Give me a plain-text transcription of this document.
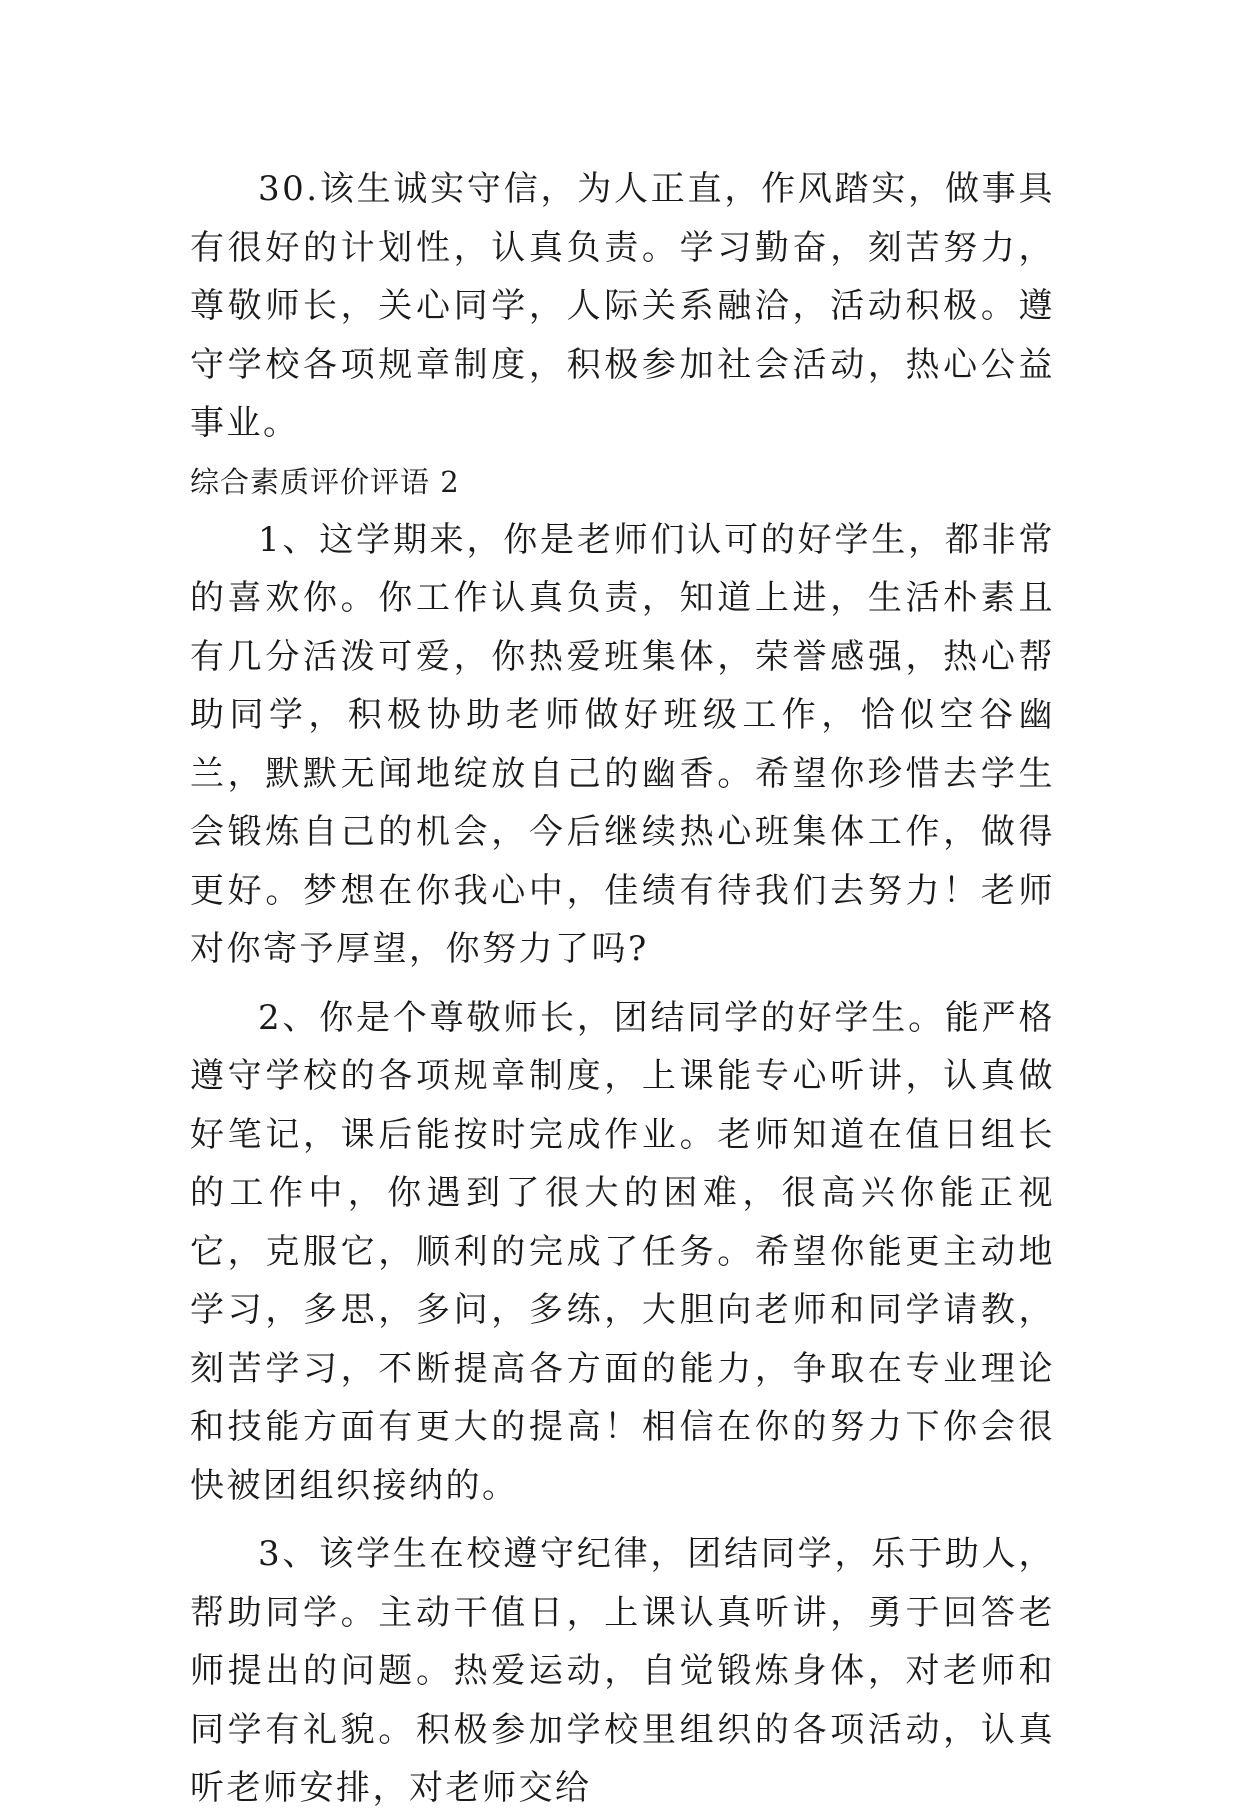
30.该生诚实守信，为人正直，作风踏实，做事具有很好的计划性，认真负责。学习勤奋，刻苦努力，尊敬师长，关心同学，人际关系融洽，活动积极。遵守学校各项规章制度，积极参加社会活动，热心公益事业。

综合素质评价评语 2

1、这学期来，你是老师们认可的好学生，都非常的喜欢你。你工作认真负责，知道上进，生活朴素且有几分活泼可爱，你热爱班集体，荣誉感强，热心帮助同学，积极协助老师做好班级工作，恰似空谷幽兰，默默无闻地绽放自己的幽香。希望你珍惜去学生会锻炼自己的机会，今后继续热心班集体工作，做得更好。梦想在你我心中，佳绩有待我们去努力！老师对你寄予厚望，你努力了吗?

2、你是个尊敬师长，团结同学的好学生。能严格遵守学校的各项规章制度，上课能专心听讲，认真做好笔记，课后能按时完成作业。老师知道在值日组长的工作中，你遇到了很大的困难，很高兴你能正视它，克服它，顺利的完成了任务。希望你能更主动地学习，多思，多问，多练，大胆向老师和同学请教，刻苦学习，不断提高各方面的能力，争取在专业理论和技能方面有更大的提高！相信在你的努力下你会很快被团组织接纳的。

3、该学生在校遵守纪律，团结同学，乐于助人，帮助同学。主动干值日，上课认真听讲，勇于回答老师提出的问题。热爱运动，自觉锻炼身体，对老师和同学有礼貌。积极参加学校里组织的各项活动，认真听老师安排，对老师交给
